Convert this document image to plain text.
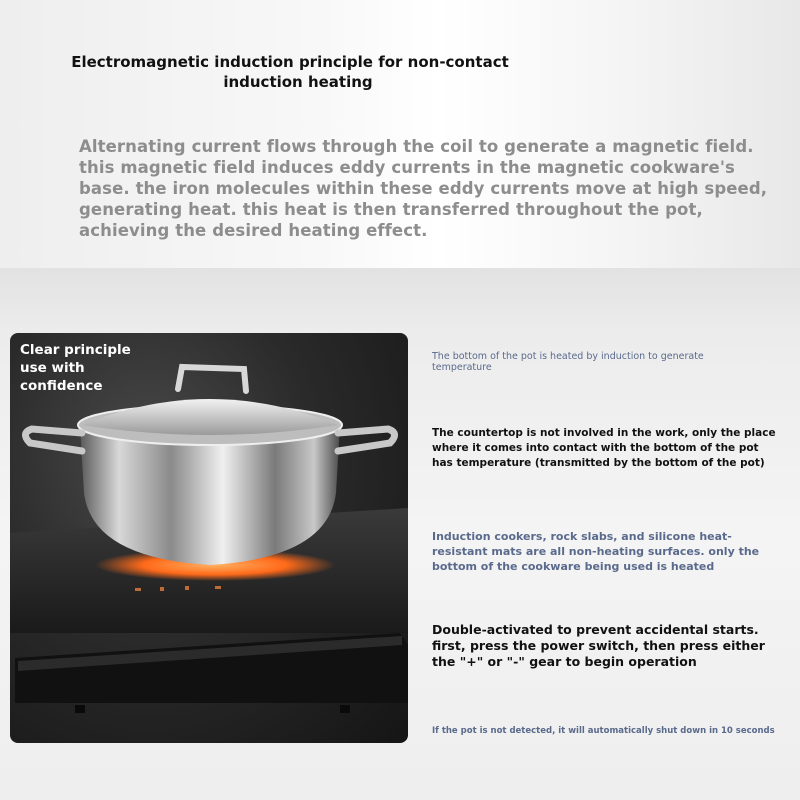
Electromagnetic induction principle for non-contact
induction heating

Alternating current flows through the coil to generate a magnetic field. this magnetic field induces eddy currents in the magnetic cookware's base. the iron molecules within these eddy currents move at high speed, generating heat. this heat is then transferred throughout the pot, achieving the desired heating effect.

Clear principle use with confidence

The bottom of the pot is heated by induction to generate temperature

The countertop is not involved in the work, only the place where it comes into contact with the bottom of the pot has temperature (transmitted by the bottom of the pot)

Induction cookers, rock slabs, and silicone heat-resistant mats are all non-heating surfaces. only the bottom of the cookware being used is heated

Double-activated to prevent accidental starts. first, press the power switch, then press either the "+" or "-" gear to begin operation

If the pot is not detected, it will automatically shut down in 10 seconds
